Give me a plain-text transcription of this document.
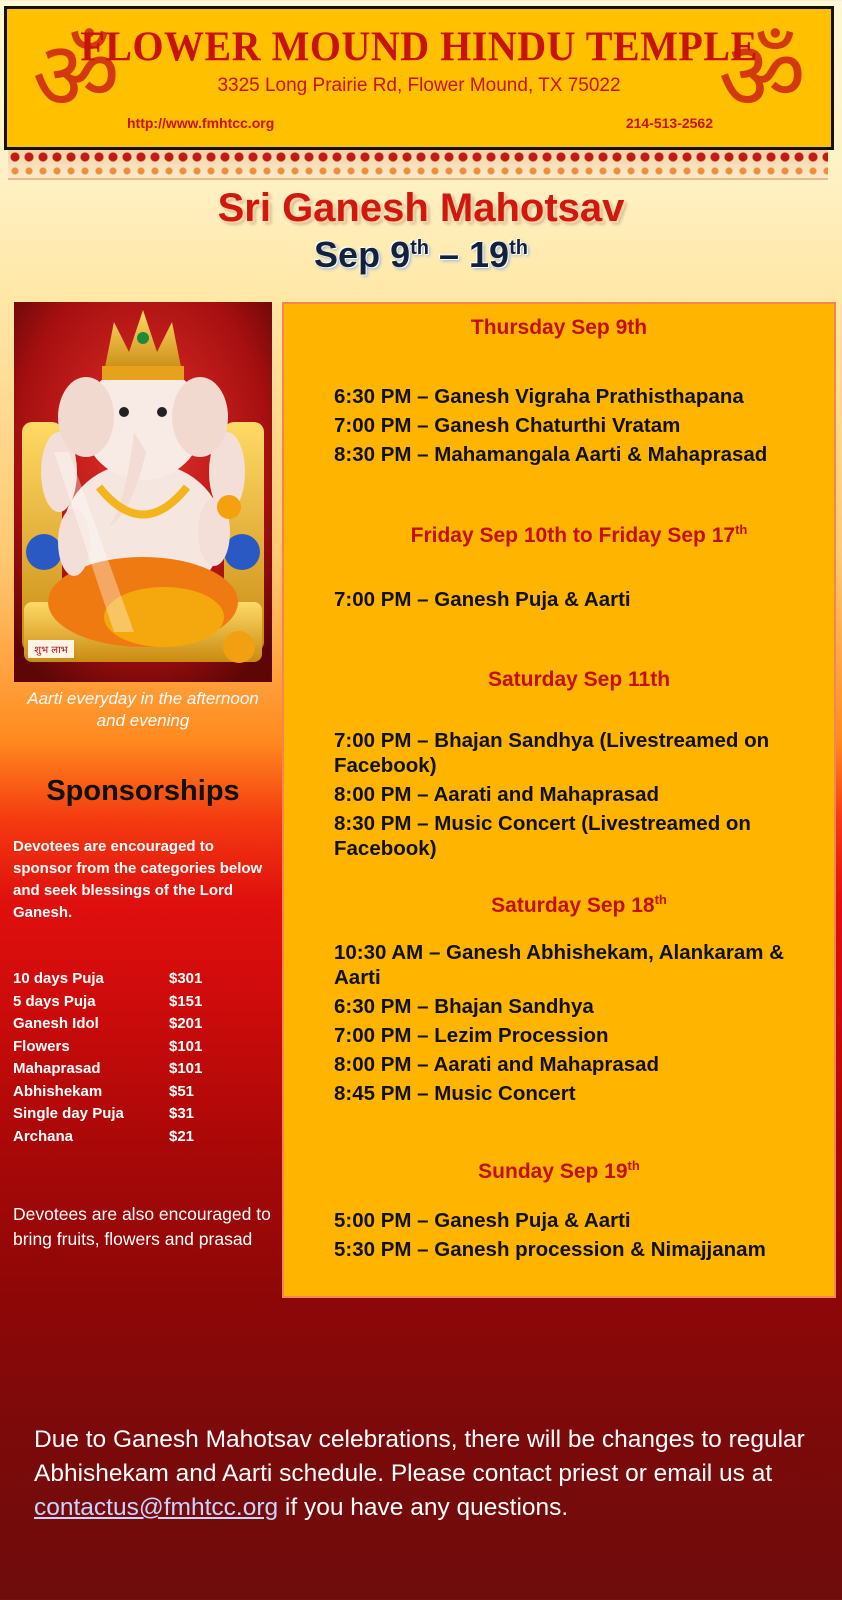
ॐ	ॐ
FLOWER MOUND HINDU TEMPLE
3325 Long Prairie Rd, Flower Mound, TX 75022
http://www.fmhtcc.org	214-513-2562
Sri Ganesh Mahotsav
Sep 9th – 19th
शुभ लाभ
Aarti everyday in the afternoon and evening
Sponsorships
Devotees are encouraged to sponsor from the categories below and seek blessings of the Lord Ganesh.
10 days Puja	$301
5 days Puja	$151
Ganesh Idol	$201
Flowers	$101
Mahaprasad	$101
Abhishekam	$51
Single day Puja	$31
Archana	$21
Devotees are also encouraged to bring fruits, flowers and prasad
Thursday Sep 9th
6:30 PM – Ganesh Vigraha Prathisthapana
7:00 PM – Ganesh Chaturthi Vratam
8:30 PM – Mahamangala Aarti & Mahaprasad
Friday Sep 10th to Friday Sep 17th
7:00 PM – Ganesh Puja & Aarti
Saturday Sep 11th
7:00 PM – Bhajan Sandhya (Livestreamed on Facebook)
8:00 PM – Aarati and Mahaprasad
8:30 PM – Music Concert (Livestreamed on Facebook)
Saturday Sep 18th
10:30 AM – Ganesh Abhishekam, Alankaram & Aarti
6:30 PM – Bhajan Sandhya
7:00 PM – Lezim Procession
8:00 PM – Aarati and Mahaprasad
8:45 PM – Music Concert
Sunday Sep 19th
5:00 PM – Ganesh Puja & Aarti
5:30 PM – Ganesh procession & Nimajjanam
Due to Ganesh Mahotsav celebrations, there will be changes to regular Abhishekam and Aarti schedule. Please contact priest or email us at contactus@fmhtcc.org if you have any questions.
